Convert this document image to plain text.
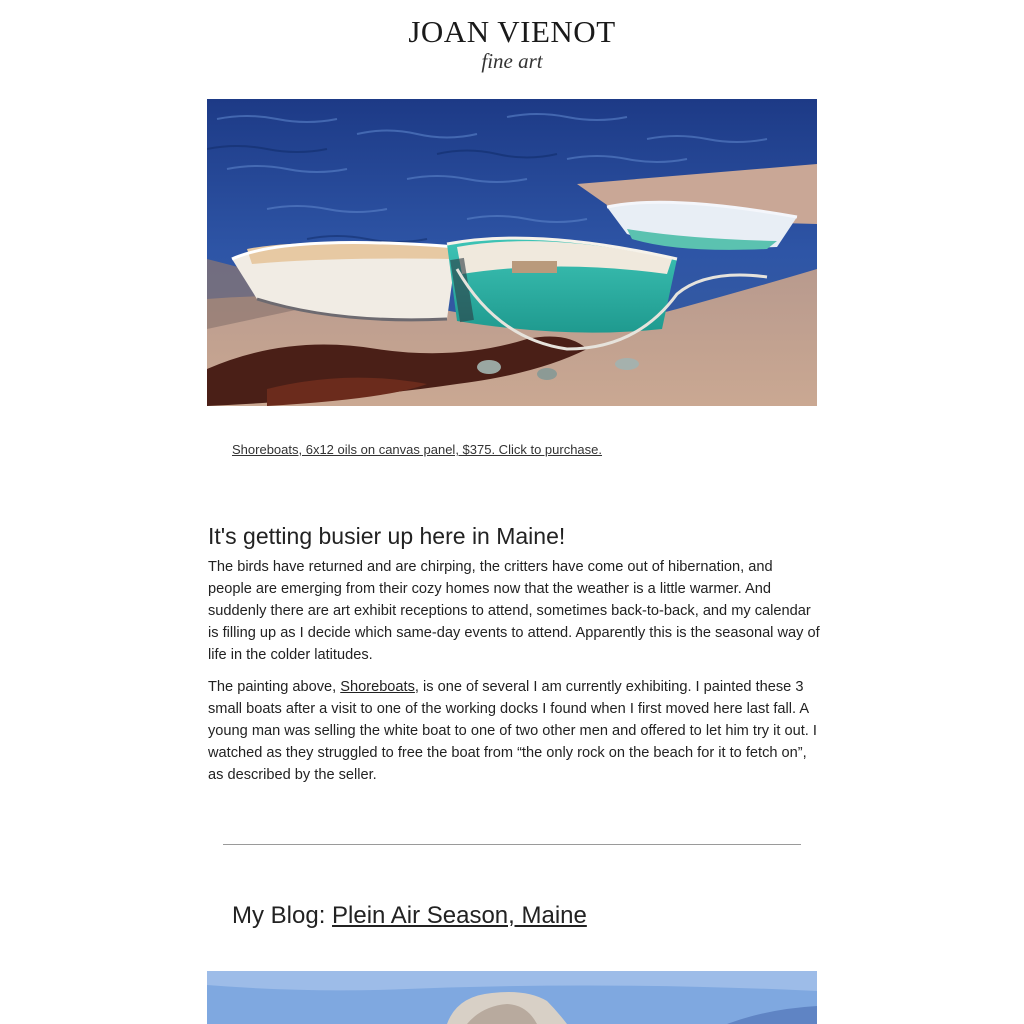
JOAN VIENOT
fine art
Shoreboats, 6x12 oils on canvas panel, $375. Click to purchase.
It's getting busier up here in Maine!

The birds have returned and are chirping, the critters have come out of hibernation, and people are emerging from their cozy homes now that the weather is a little warmer. And suddenly there are art exhibit receptions to attend, sometimes back-to-back, and my calendar is filling up as I decide which same-day events to attend. Apparently this is the seasonal way of life in the colder latitudes.

The painting above, Shoreboats, is one of several I am currently exhibiting. I painted these 3 small boats after a visit to one of the working docks I found when I first moved here last fall. A young man was selling the white boat to one of two other men and offered to let him try it out. I watched as they struggled to free the boat from “the only rock on the beach for it to fetch on”, as described by the seller.

My Blog: Plein Air Season, Maine
